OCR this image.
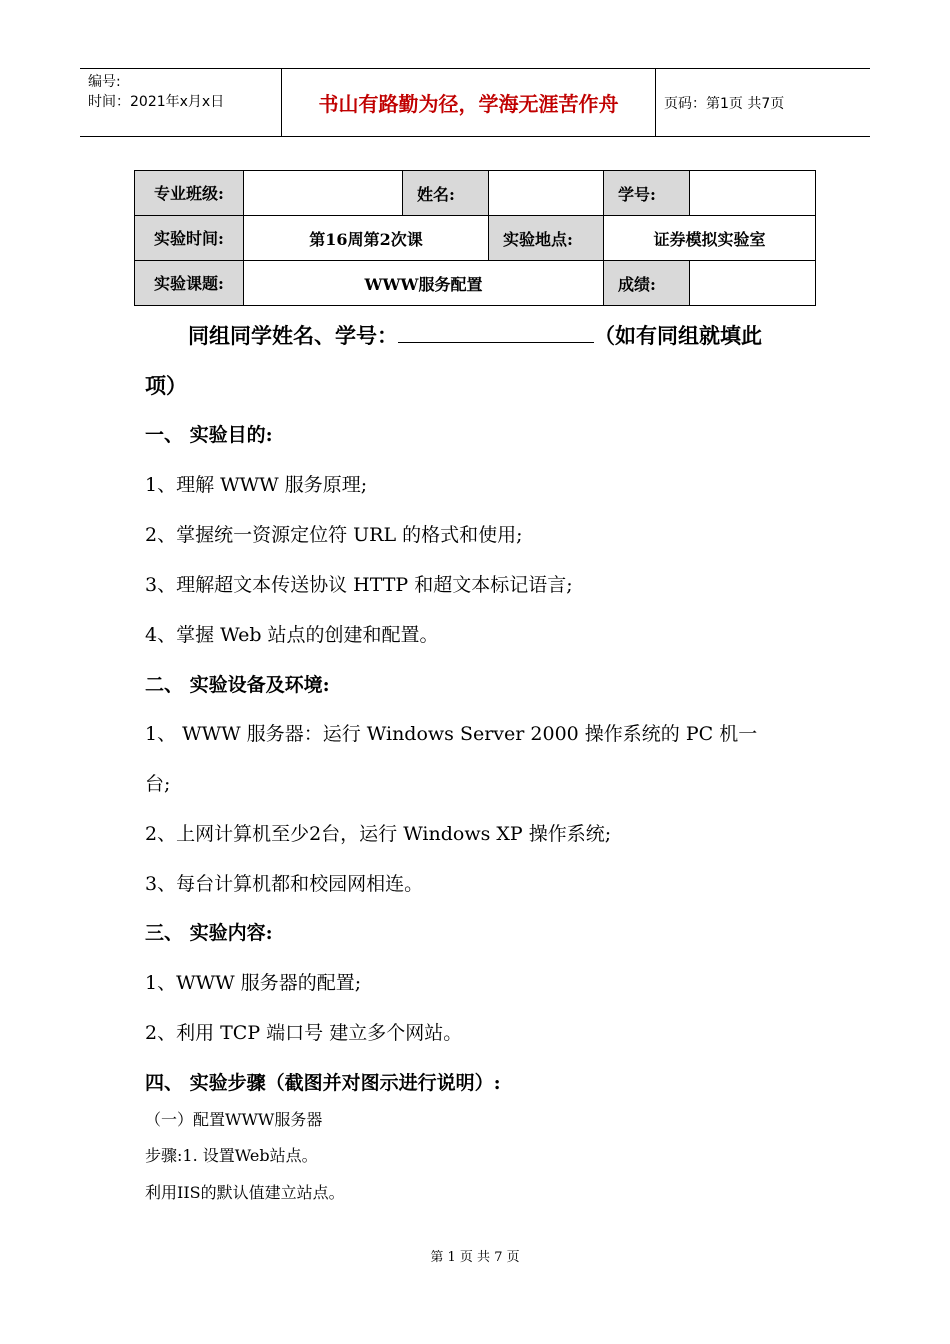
编号:
时间：2021年x月x日	书山有路勤为径，学海无涯苦作舟	页码：第1页 共7页
专业班级:		姓名:		学号:	
实验时间:	第16周第2次课		实验地点:	证券模拟实验室	
实验课题:	WWW服务配置			成绩:	
同组同学姓名、学号：	（如有同组就填此
项）
一、 实验目的:
1、理解 WWW 服务原理;
2、掌握统一资源定位符 URL 的格式和使用;
3、理解超文本传送协议 HTTP 和超文本标记语言;
4、掌握 Web 站点的创建和配置。
二、 实验设备及环境:
1、 WWW 服务器：运行 Windows Server 2000 操作系统的 PC 机一
台;
2、上网计算机至少2台，运行 Windows XP 操作系统;
3、每台计算机都和校园网相连。
三、 实验内容:
1、WWW 服务器的配置;
2、利用 TCP 端口号 建立多个网站。
四、 实验步骤（截图并对图示进行说明）:
（一）配置WWW服务器
步骤:1. 设置Web站点。
利用IIS的默认值建立站点。
第 1 页 共 7 页
